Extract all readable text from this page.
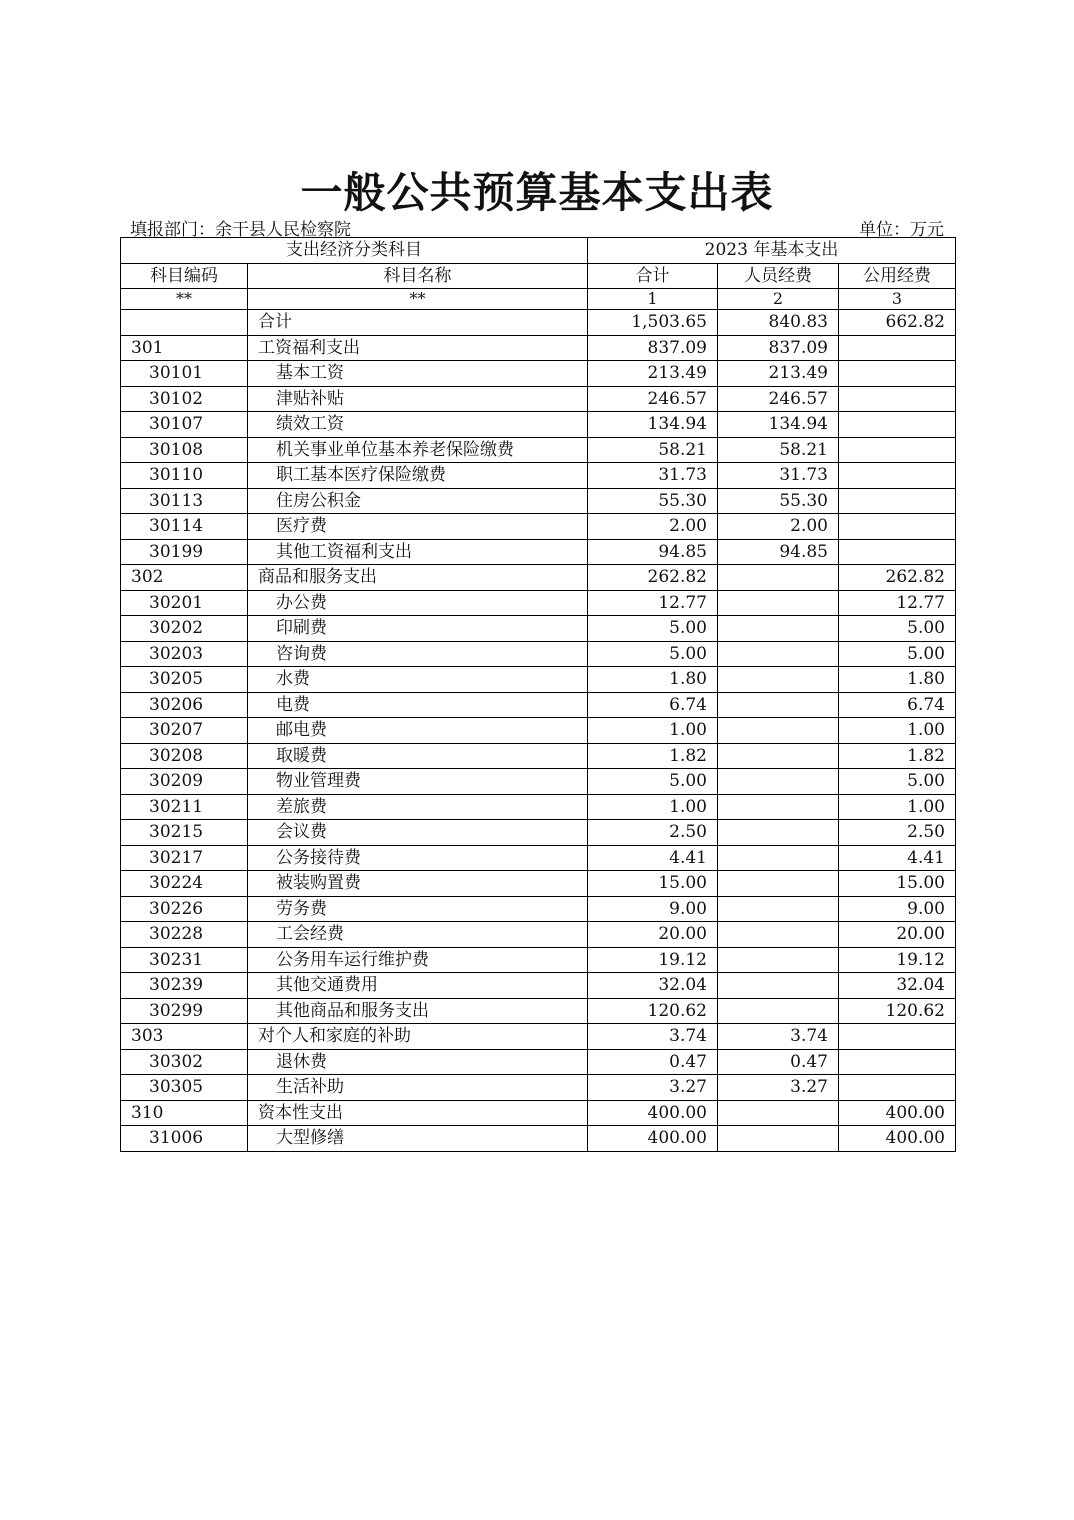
一般公共预算基本支出表
填报部门：余干县人民检察院	单位：万元
支出经济分类科目		2023 年基本支出		
科目编码	科目名称	合计	人员经费	公用经费
**	**	1	2	3
	合计	1,503.65	840.83	662.82
301	工资福利支出	837.09	837.09	
30101	基本工资	213.49	213.49	
30102	津贴补贴	246.57	246.57	
30107	绩效工资	134.94	134.94	
30108	机关事业单位基本养老保险缴费	58.21	58.21	
30110	职工基本医疗保险缴费	31.73	31.73	
30113	住房公积金	55.30	55.30	
30114	医疗费	2.00	2.00	
30199	其他工资福利支出	94.85	94.85	
302	商品和服务支出	262.82		262.82
30201	办公费	12.77		12.77
30202	印刷费	5.00		5.00
30203	咨询费	5.00		5.00
30205	水费	1.80		1.80
30206	电费	6.74		6.74
30207	邮电费	1.00		1.00
30208	取暖费	1.82		1.82
30209	物业管理费	5.00		5.00
30211	差旅费	1.00		1.00
30215	会议费	2.50		2.50
30217	公务接待费	4.41		4.41
30224	被装购置费	15.00		15.00
30226	劳务费	9.00		9.00
30228	工会经费	20.00		20.00
30231	公务用车运行维护费	19.12		19.12
30239	其他交通费用	32.04		32.04
30299	其他商品和服务支出	120.62		120.62
303	对个人和家庭的补助	3.74	3.74	
30302	退休费	0.47	0.47	
30305	生活补助	3.27	3.27	
310	资本性支出	400.00		400.00
31006	大型修缮	400.00		400.00
